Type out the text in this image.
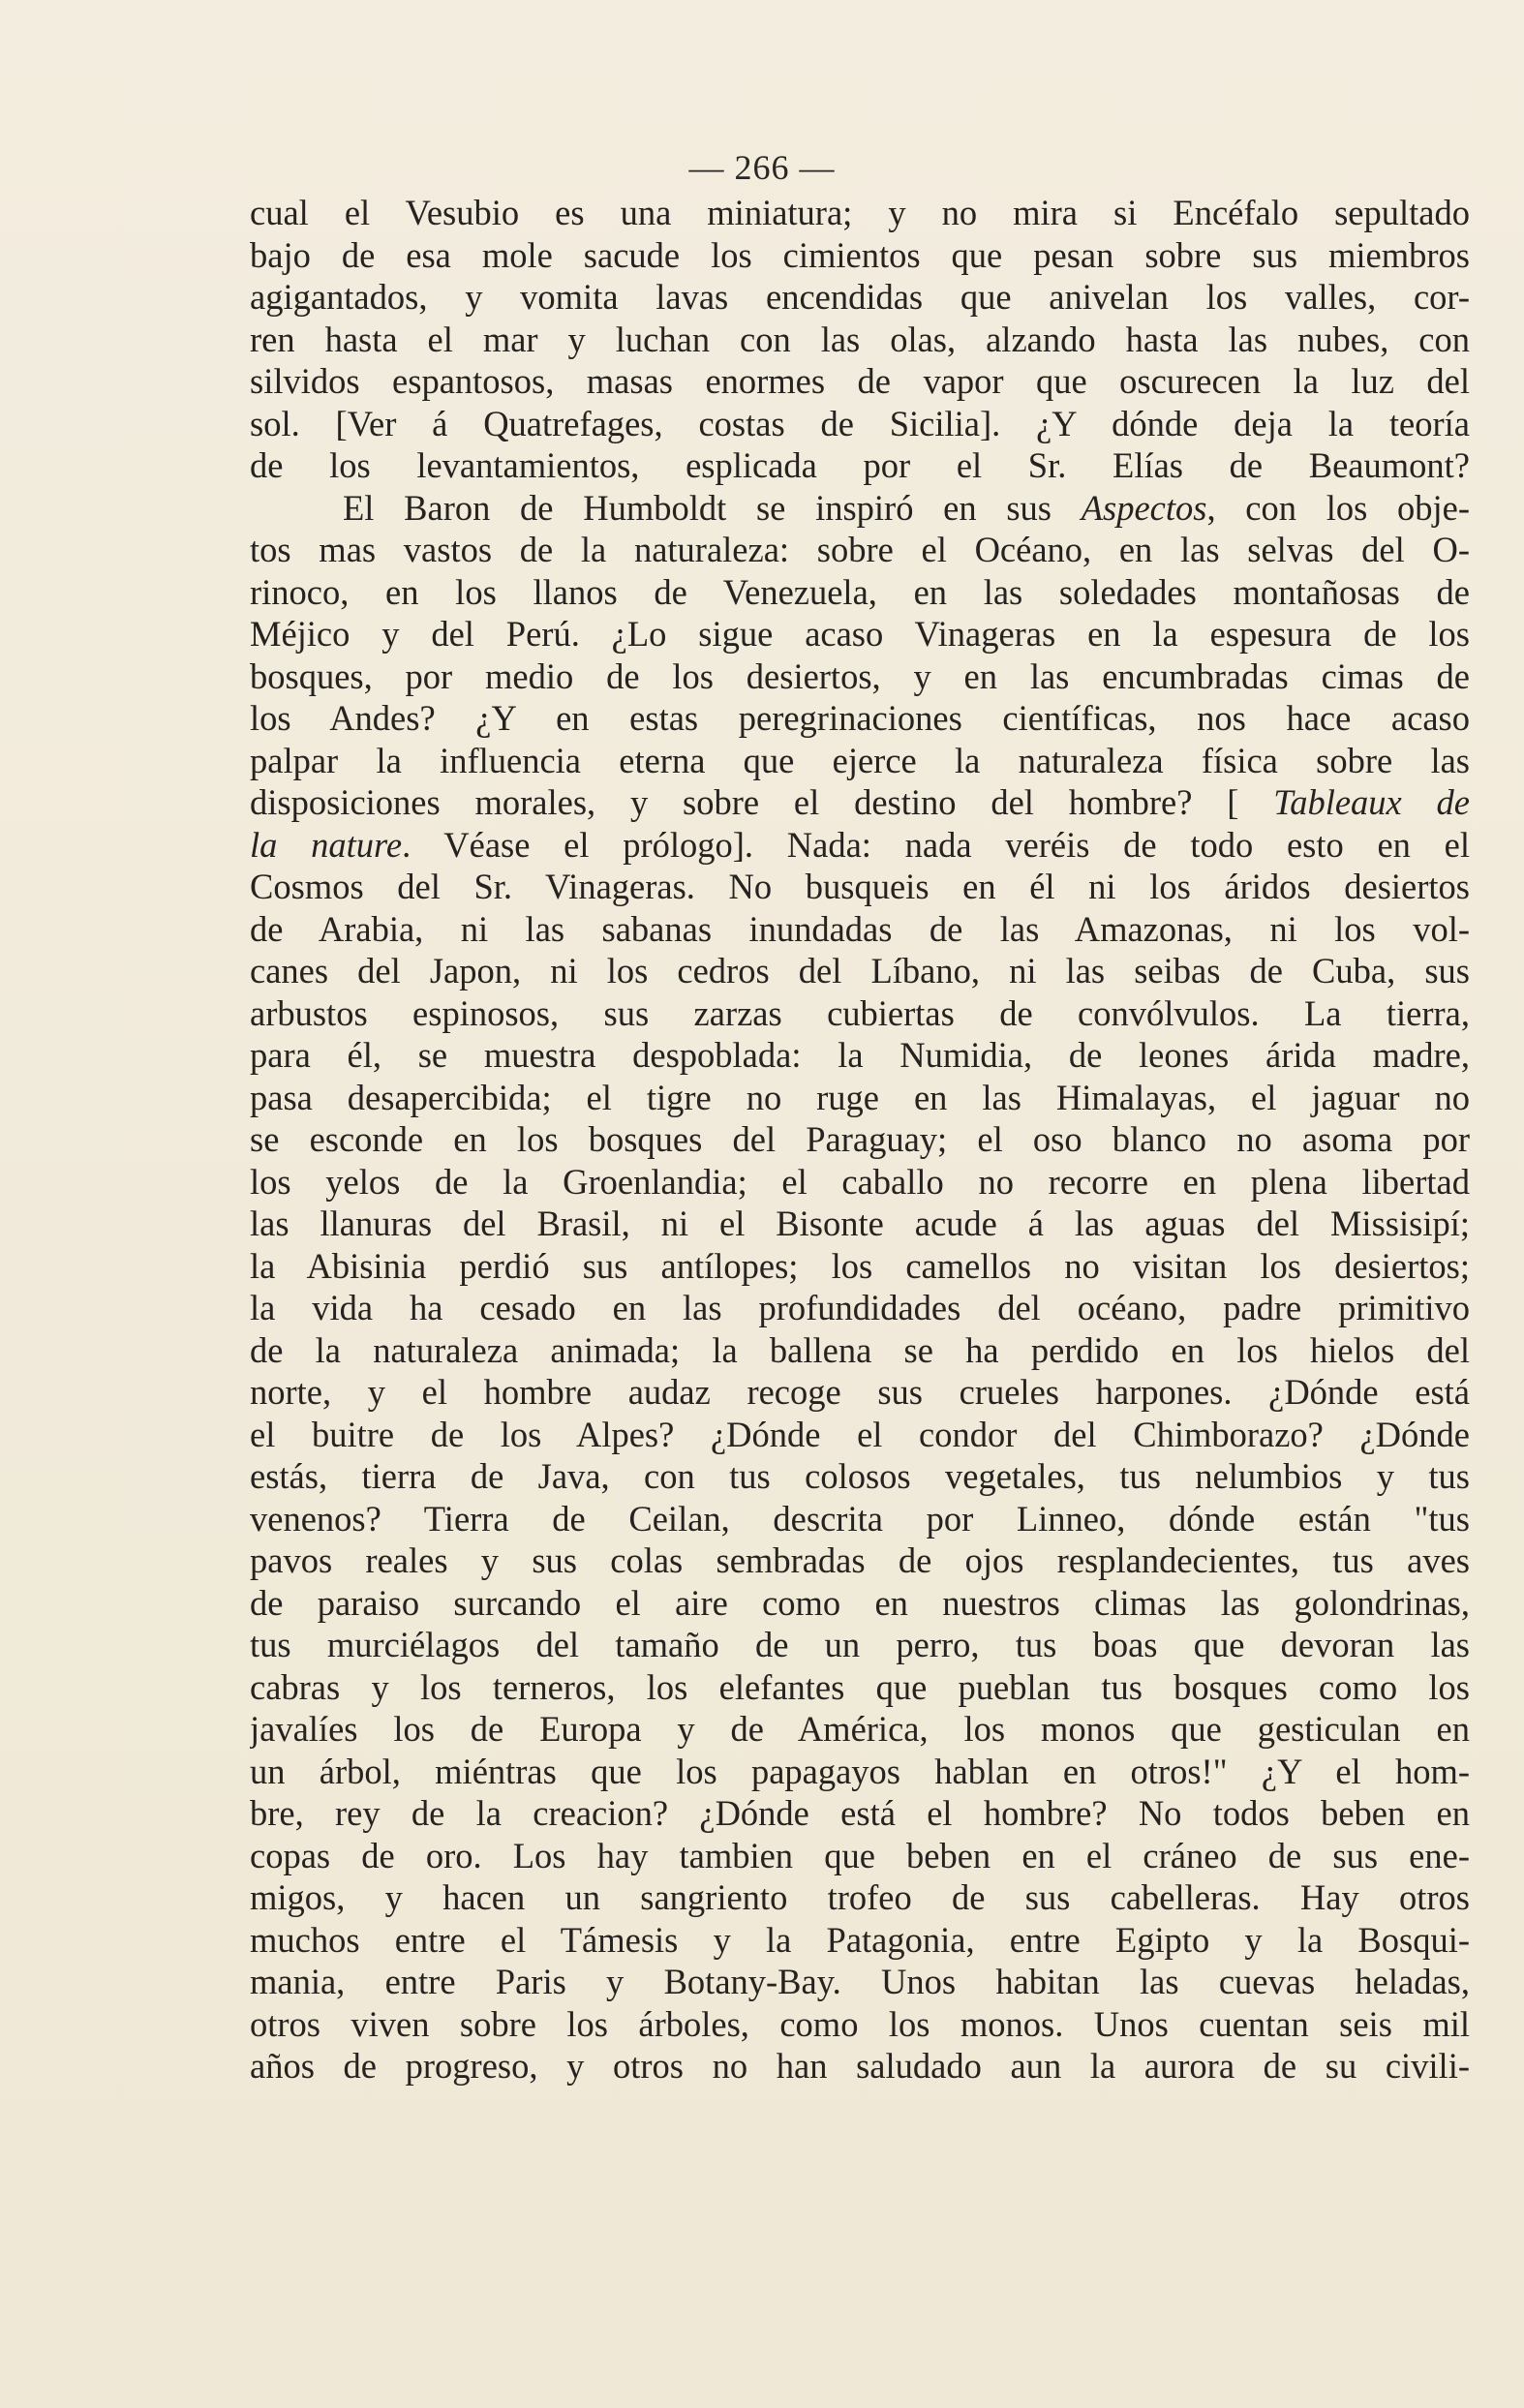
— 266 —
cual el Vesubio es una miniatura; y no mira si Encéfalo sepultado
bajo de esa mole sacude los cimientos que pesan sobre sus miembros
agigantados, y vomita lavas encendidas que anivelan los valles, cor-
ren hasta el mar y luchan con las olas, alzando hasta las nubes, con
silvidos espantosos, masas enormes de vapor que oscurecen la luz del
sol. [Ver á Quatrefages, costas de Sicilia]. ¿Y dónde deja la teoría
de los levantamientos, esplicada por el Sr. Elías de Beaumont?
El Baron de Humboldt se inspiró en sus Aspectos, con los obje-
tos mas vastos de la naturaleza: sobre el Océano, en las selvas del O-
rinoco, en los llanos de Venezuela, en las soledades montañosas de
Méjico y del Perú. ¿Lo sigue acaso Vinageras en la espesura de los
bosques, por medio de los desiertos, y en las encumbradas cimas de
los Andes? ¿Y en estas peregrinaciones científicas, nos hace acaso
palpar la influencia eterna que ejerce la naturaleza física sobre las
disposiciones morales, y sobre el destino del hombre? [ Tableaux de
la nature. Véase el prólogo]. Nada: nada veréis de todo esto en el
Cosmos del Sr. Vinageras. No busqueis en él ni los áridos desiertos
de Arabia, ni las sabanas inundadas de las Amazonas, ni los vol-
canes del Japon, ni los cedros del Líbano, ni las seibas de Cuba, sus
arbustos espinosos, sus zarzas cubiertas de convólvulos. La tierra,
para él, se muestra despoblada: la Numidia, de leones árida madre,
pasa desapercibida; el tigre no ruge en las Himalayas, el jaguar no
se esconde en los bosques del Paraguay; el oso blanco no asoma por
los yelos de la Groenlandia; el caballo no recorre en plena libertad
las llanuras del Brasil, ni el Bisonte acude á las aguas del Missisipí;
la Abisinia perdió sus antílopes; los camellos no visitan los desiertos;
la vida ha cesado en las profundidades del océano, padre primitivo
de la naturaleza animada; la ballena se ha perdido en los hielos del
norte, y el hombre audaz recoge sus crueles harpones. ¿Dónde está
el buitre de los Alpes? ¿Dónde el condor del Chimborazo? ¿Dónde
estás, tierra de Java, con tus colosos vegetales, tus nelumbios y tus
venenos? Tierra de Ceilan, descrita por Linneo, dónde están "tus
pavos reales y sus colas sembradas de ojos resplandecientes, tus aves
de paraiso surcando el aire como en nuestros climas las golondrinas,
tus murciélagos del tamaño de un perro, tus boas que devoran las
cabras y los terneros, los elefantes que pueblan tus bosques como los
javalíes los de Europa y de América, los monos que gesticulan en
un árbol, miéntras que los papagayos hablan en otros!" ¿Y el hom-
bre, rey de la creacion? ¿Dónde está el hombre? No todos beben en
copas de oro. Los hay tambien que beben en el cráneo de sus ene-
migos, y hacen un sangriento trofeo de sus cabelleras. Hay otros
muchos entre el Támesis y la Patagonia, entre Egipto y la Bosqui-
mania, entre Paris y Botany-Bay. Unos habitan las cuevas heladas,
otros viven sobre los árboles, como los monos. Unos cuentan seis mil
años de progreso, y otros no han saludado aun la aurora de su civili-
